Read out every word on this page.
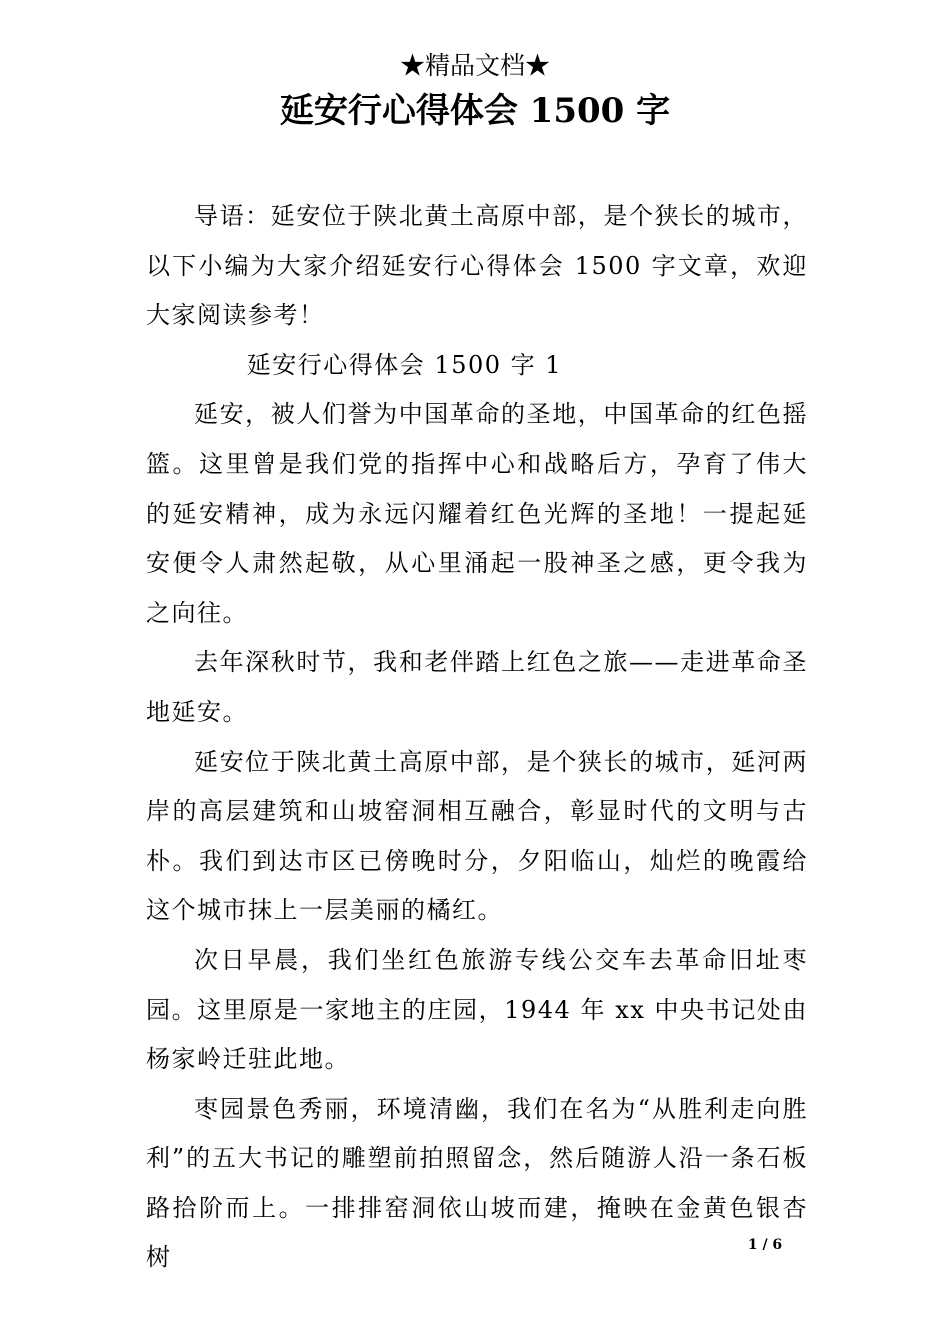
★精品文档★
延安行心得体会 1500 字

导语：延安位于陕北黄土高原中部，是个狭长的城市，以下小编为大家介绍延安行心得体会 1500 字文章，欢迎大家阅读参考！

延安行心得体会 1500 字 1

延安，被人们誉为中国革命的圣地，中国革命的红色摇篮。这里曾是我们党的指挥中心和战略后方，孕育了伟大的延安精神，成为永远闪耀着红色光辉的圣地！一提起延安便令人肃然起敬，从心里涌起一股神圣之感，更令我为之向往。

去年深秋时节，我和老伴踏上红色之旅——走进革命圣地延安。

延安位于陕北黄土高原中部，是个狭长的城市，延河两岸的高层建筑和山坡窑洞相互融合，彰显时代的文明与古朴。我们到达市区已傍晚时分，夕阳临山，灿烂的晚霞给这个城市抹上一层美丽的橘红。

次日早晨，我们坐红色旅游专线公交车去革命旧址枣园。这里原是一家地主的庄园，1944 年 xx 中央书记处由杨家岭迁驻此地。

枣园景色秀丽，环境清幽，我们在名为“从胜利走向胜利”的五大书记的雕塑前拍照留念，然后随游人沿一条石板路拾阶而上。一排排窑洞依山坡而建，掩映在金黄色银杏树	1 / 6
